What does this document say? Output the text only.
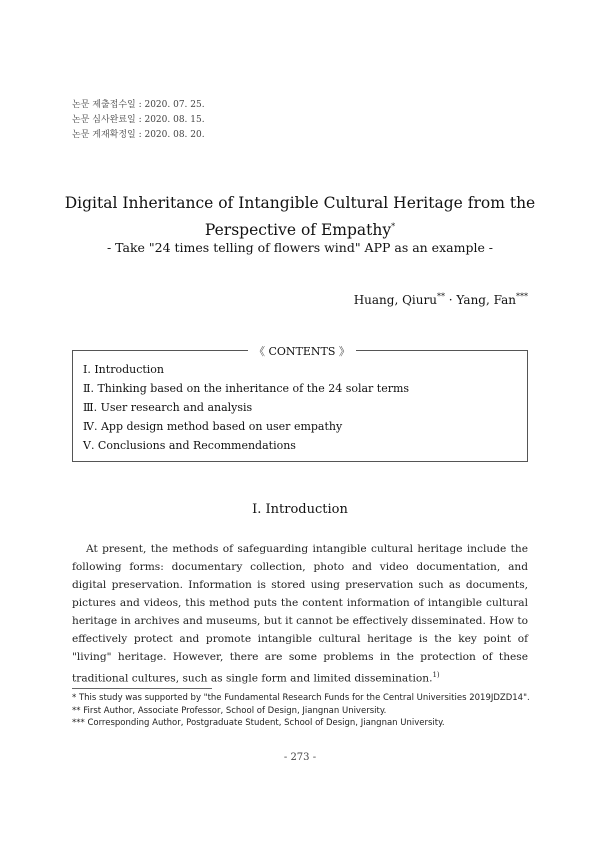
논문 제출접수일 : 2020. 07. 25.
논문 심사완료일 : 2020. 08. 15.
논문 게재확정일 : 2020. 08. 20.
Digital Inheritance of Intangible Cultural Heritage from the
Perspective of Empathy*
- Take "24 times telling of flowers wind" APP as an example -
Huang, Qiuru** · Yang, Fan***
《 CONTENTS 》
Ⅰ. Introduction
Ⅱ. Thinking based on the inheritance of the 24 solar terms
Ⅲ. User research and analysis
Ⅳ. App design method based on user empathy
Ⅴ. Conclusions and Recommendations
Ⅰ. Introduction

At present, the methods of safeguarding intangible cultural heritage include the following forms: documentary collection, photo and video documentation, and digital preservation. Information is stored using preservation such as documents, pictures and videos, this method puts the content information of intangible cultural heritage in archives and museums, but it cannot be effectively disseminated. How to effectively protect and promote intangible cultural heritage is the key point of "living" heritage. However, there are some problems in the protection of these traditional cultures, such as single form and limited dissemination.$^{1)}$

* This study was supported by "the Fundamental Research Funds for the Central Universities 2019JDZD14".
** First Author, Associate Professor, School of Design, Jiangnan University.
*** Corresponding Author, Postgraduate Student, School of Design, Jiangnan University.
- 273 -
